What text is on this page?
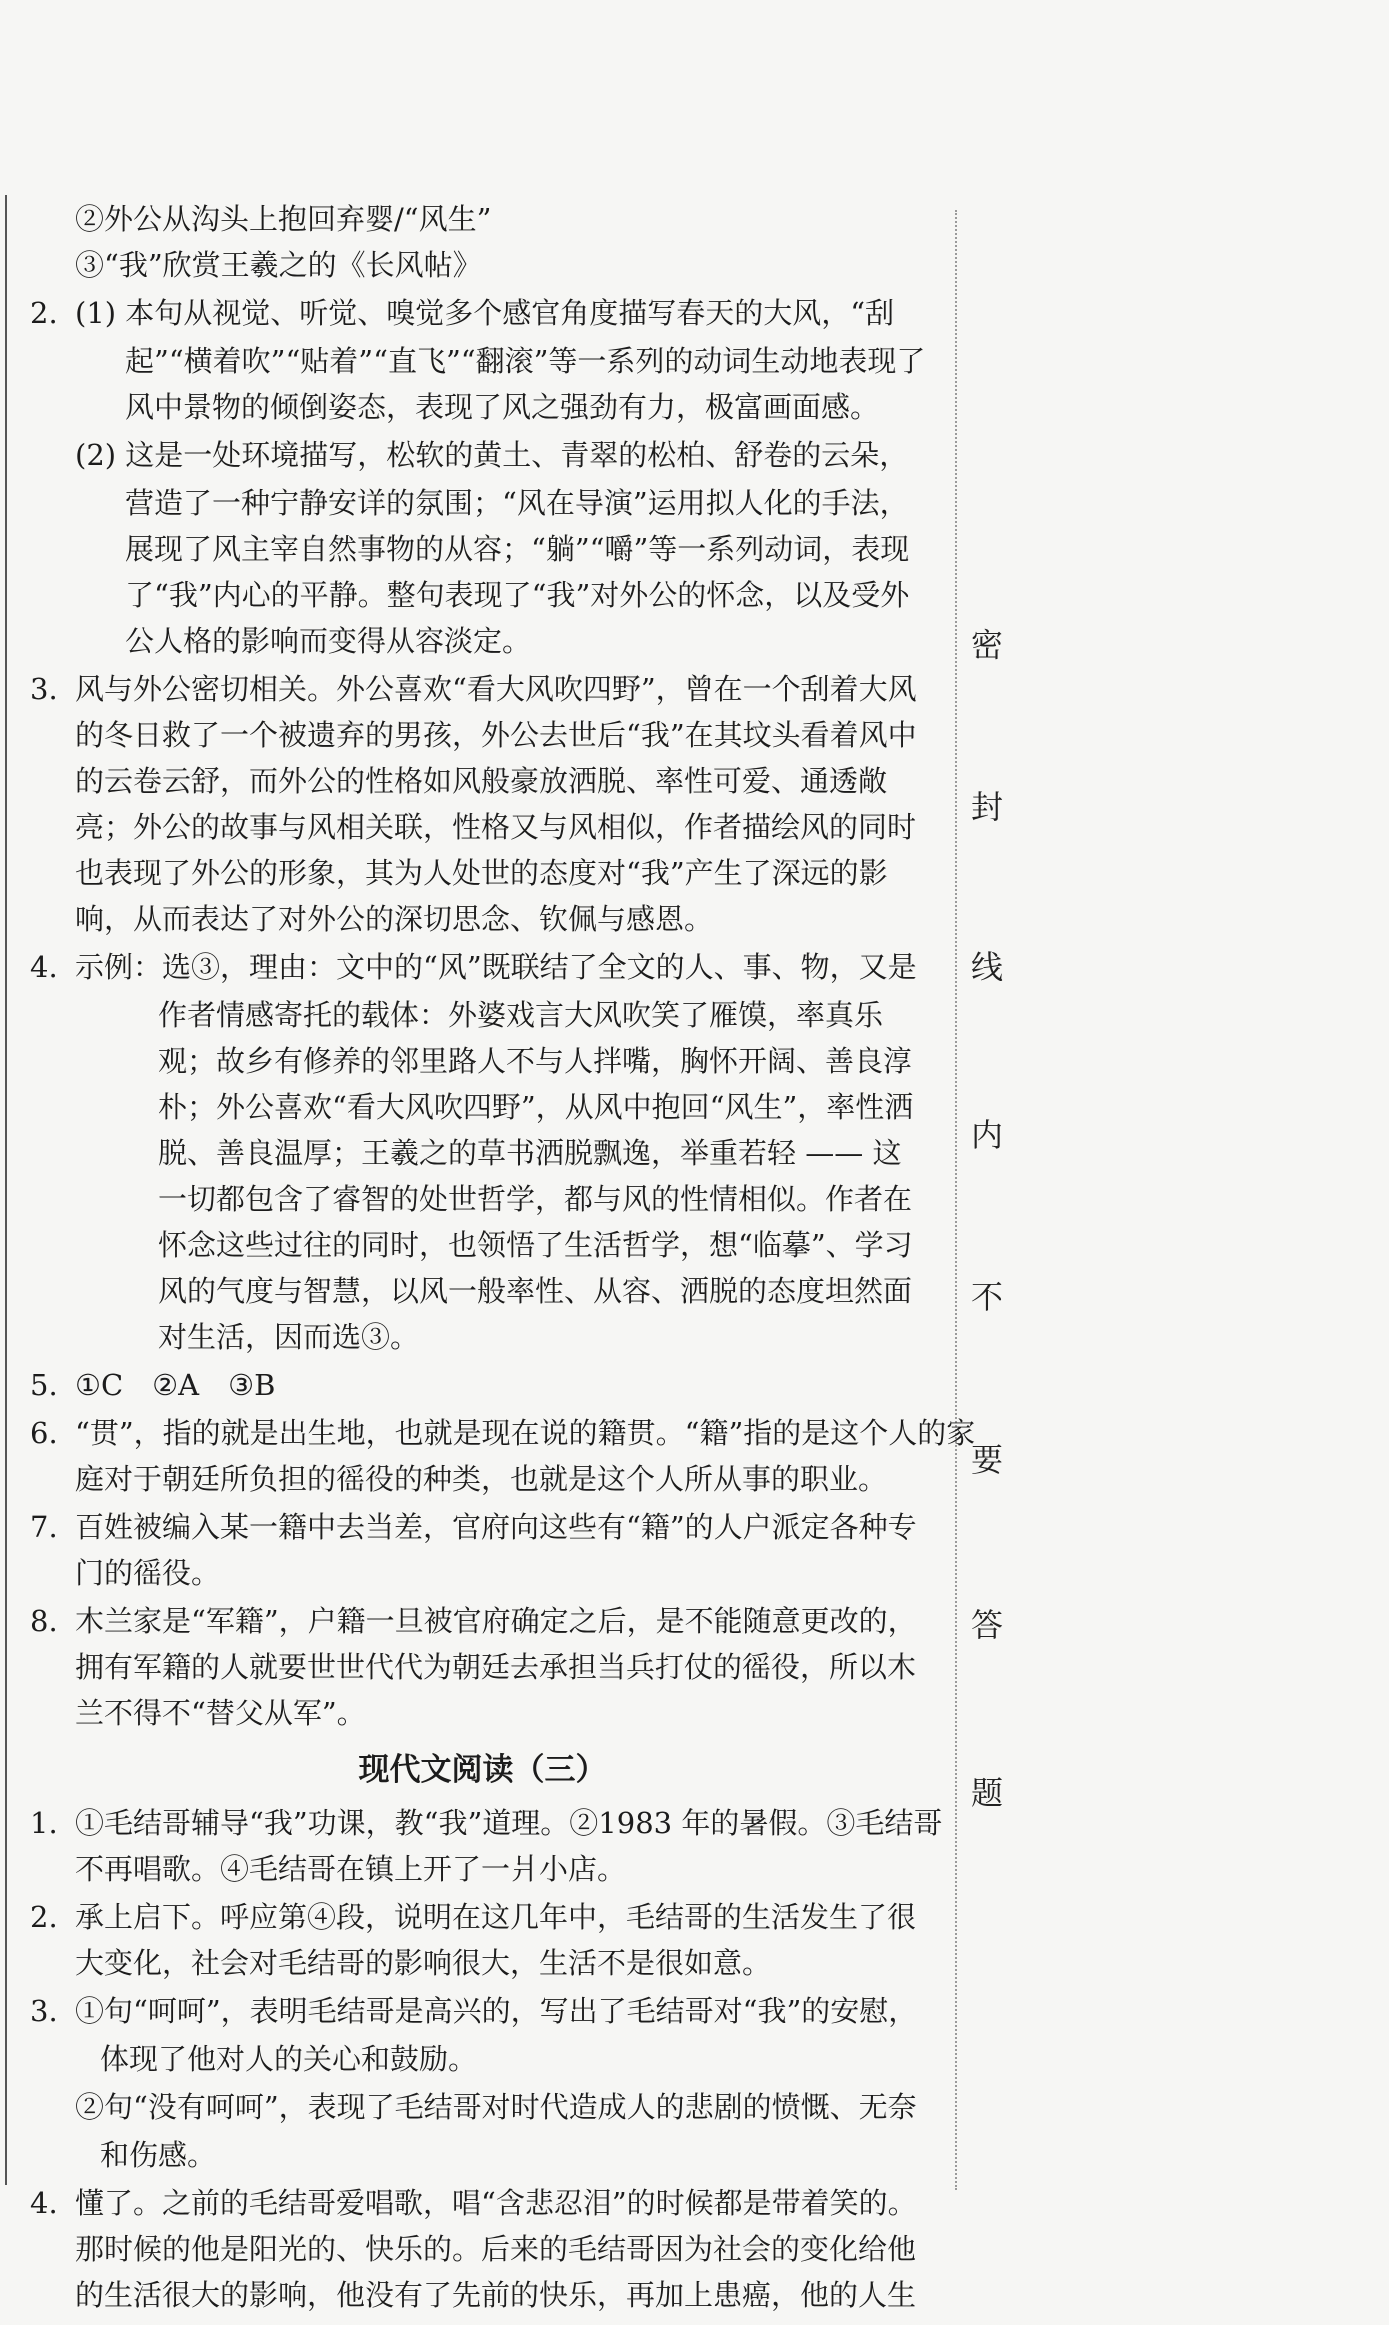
密
封
线
内
不
要
答
题
②外公从沟头上抱回弃婴/“风生”
③“我”欣赏王羲之的《长风帖》
2. (1) 本句从视觉、听觉、嗅觉多个感官角度描写春天的大风，“刮
起”“横着吹”“贴着”“直飞”“翻滚”等一系列的动词生动地表现了
风中景物的倾倒姿态，表现了风之强劲有力，极富画面感。
(2) 这是一处环境描写，松软的黄土、青翠的松柏、舒卷的云朵，
营造了一种宁静安详的氛围；“风在导演”运用拟人化的手法，
展现了风主宰自然事物的从容；“躺”“嚼”等一系列动词，表现
了“我”内心的平静。整句表现了“我”对外公的怀念，以及受外
公人格的影响而变得从容淡定。
3. 风与外公密切相关。外公喜欢“看大风吹四野”，曾在一个刮着大风
的冬日救了一个被遗弃的男孩，外公去世后“我”在其坟头看着风中
的云卷云舒，而外公的性格如风般豪放洒脱、率性可爱、通透敞
亮；外公的故事与风相关联，性格又与风相似，作者描绘风的同时
也表现了外公的形象，其为人处世的态度对“我”产生了深远的影
响，从而表达了对外公的深切思念、钦佩与感恩。
4. 示例：选③，理由：文中的“风”既联结了全文的人、事、物，又是
作者情感寄托的载体：外婆戏言大风吹笑了雁馍，率真乐
观；故乡有修养的邻里路人不与人拌嘴，胸怀开阔、善良淳
朴；外公喜欢“看大风吹四野”，从风中抱回“风生”，率性洒
脱、善良温厚；王羲之的草书洒脱飘逸，举重若轻 —— 这
一切都包含了睿智的处世哲学，都与风的性情相似。作者在
怀念这些过往的同时，也领悟了生活哲学，想“临摹”、学习
风的气度与智慧，以风一般率性、从容、洒脱的态度坦然面
对生活，因而选③。
5. ①C　②A　③B
6. “贯”，指的就是出生地，也就是现在说的籍贯。“籍”指的是这个人的家
庭对于朝廷所负担的徭役的种类，也就是这个人所从事的职业。
7. 百姓被编入某一籍中去当差，官府向这些有“籍”的人户派定各种专
门的徭役。
8. 木兰家是“军籍”，户籍一旦被官府确定之后，是不能随意更改的，
拥有军籍的人就要世世代代为朝廷去承担当兵打仗的徭役，所以木
兰不得不“替父从军”。
现代文阅读（三）
1. ①毛结哥辅导“我”功课，教“我”道理。②1983 年的暑假。③毛结哥
不再唱歌。④毛结哥在镇上开了一爿小店。
2. 承上启下。呼应第④段，说明在这几年中，毛结哥的生活发生了很
大变化，社会对毛结哥的影响很大，生活不是很如意。
3. ①句“呵呵”，表明毛结哥是高兴的，写出了毛结哥对“我”的安慰，
体现了他对人的关心和鼓励。
②句“没有呵呵”，表现了毛结哥对时代造成人的悲剧的愤慨、无奈
和伤感。
4. 懂了。之前的毛结哥爱唱歌，唱“含悲忍泪”的时候都是带着笑的。
那时候的他是阳光的、快乐的。后来的毛结哥因为社会的变化给他
的生活很大的影响，他没有了先前的快乐，再加上患癌，他的人生
